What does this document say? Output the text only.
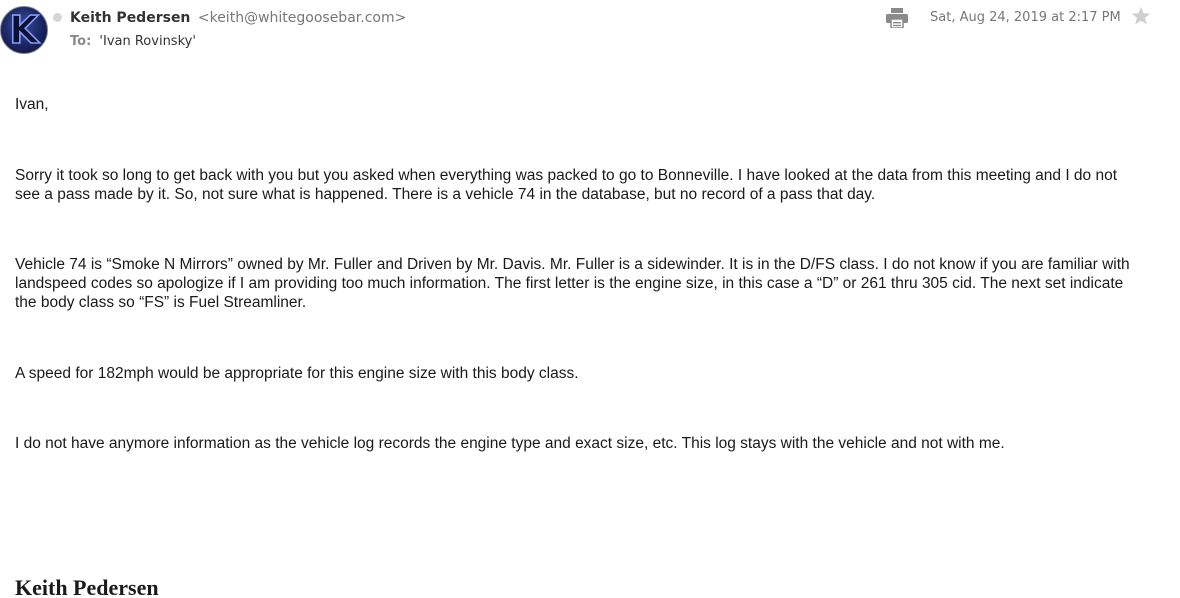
K Keith Pedersen <keith@whitegoosebar.com>
To: 'Ivan Rovinsky'
Sat, Aug 24, 2019 at 2:17 PM

Ivan,

Sorry it took so long to get back with you but you asked when everything was packed to go to Bonneville. I have looked at the data from this meeting and I do not see a pass made by it. So, not sure what is happened. There is a vehicle 74 in the database, but no record of a pass that day.

Vehicle 74 is “Smoke N Mirrors” owned by Mr. Fuller and Driven by Mr. Davis. Mr. Fuller is a sidewinder. It is in the D/FS class. I do not know if you are familiar with landspeed codes so apologize if I am providing too much information. The first letter is the engine size, in this case a “D” or 261 thru 305 cid. The next set indicate the body class so “FS” is Fuel Streamliner.

A speed for 182mph would be appropriate for this engine size with this body class.

I do not have anymore information as the vehicle log records the engine type and exact size, etc. This log stays with the vehicle and not with me.

Keith Pedersen
